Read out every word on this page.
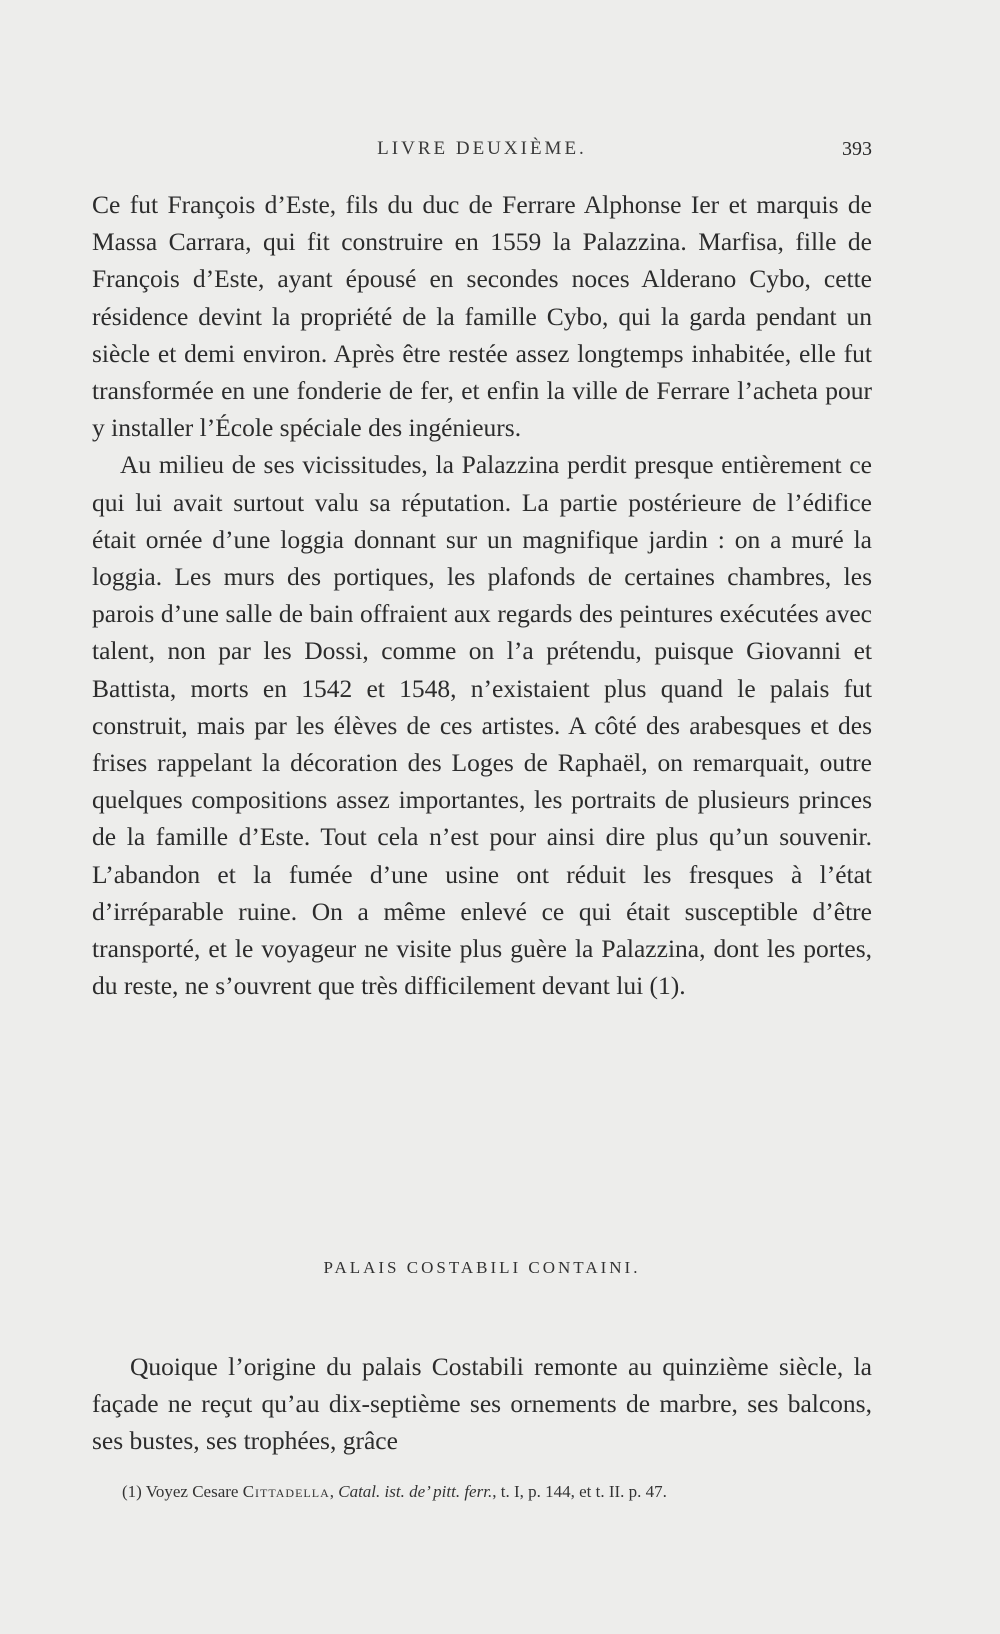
LIVRE DEUXIÈME.	393

Ce fut François d’Este, fils du duc de Ferrare Alphonse Ier et marquis de Massa Carrara, qui fit construire en 1559 la Palazzina. Marfisa, fille de François d’Este, ayant épousé en secondes noces Alderano Cybo, cette résidence devint la propriété de la famille Cybo, qui la garda pendant un siècle et demi environ. Après être restée assez longtemps inhabitée, elle fut transformée en une fonderie de fer, et enfin la ville de Ferrare l’acheta pour y installer l’École spéciale des ingénieurs.

Au milieu de ses vicissitudes, la Palazzina perdit presque entièrement ce qui lui avait surtout valu sa réputation. La partie postérieure de l’édifice était ornée d’une loggia donnant sur un magnifique jardin : on a muré la loggia. Les murs des portiques, les plafonds de certaines chambres, les parois d’une salle de bain offraient aux regards des peintures exécutées avec talent, non par les Dossi, comme on l’a prétendu, puisque Giovanni et Battista, morts en 1542 et 1548, n’existaient plus quand le palais fut construit, mais par les élèves de ces artistes. A côté des arabesques et des frises rappelant la décoration des Loges de Raphaël, on remarquait, outre quelques compositions assez importantes, les portraits de plusieurs princes de la famille d’Este. Tout cela n’est pour ainsi dire plus qu’un souvenir. L’abandon et la fumée d’une usine ont réduit les fresques à l’état d’irréparable ruine. On a même enlevé ce qui était susceptible d’être transporté, et le voyageur ne visite plus guère la Palazzina, dont les portes, du reste, ne s’ouvrent que très difficilement devant lui (1).

PALAIS COSTABILI CONTAINI.

Quoique l’origine du palais Costabili remonte au quinzième siècle, la façade ne reçut qu’au dix-septième ses ornements de marbre, ses balcons, ses bustes, ses trophées, grâce

(1) Voyez Cesare Cittadella, Catal. ist. de’ pitt. ferr., t. I, p. 144, et t. II. p. 47.
